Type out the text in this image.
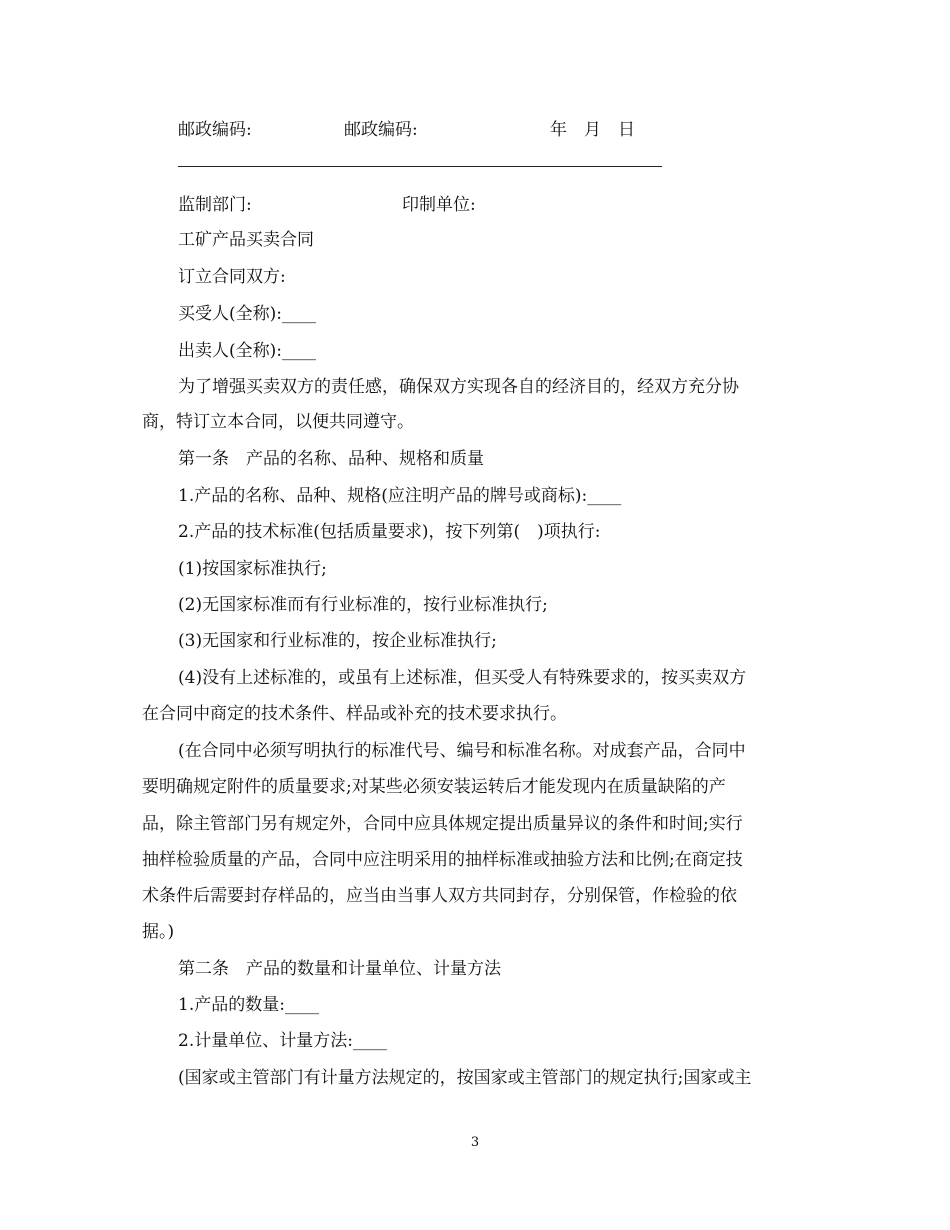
邮政编码:	邮政编码:	年　月　日
监制部门:	印制单位:
工矿产品买卖合同
订立合同双方:
买受人(全称):____
出卖人(全称):____
为了增强买卖双方的责任感，确保双方实现各自的经济目的，经双方充分协
商，特订立本合同，以便共同遵守。
第一条　产品的名称、品种、规格和质量
1.产品的名称、品种、规格(应注明产品的牌号或商标):____
2.产品的技术标准(包括质量要求)，按下列第(　)项执行:
(1)按国家标准执行;
(2)无国家标准而有行业标准的，按行业标准执行;
(3)无国家和行业标准的，按企业标准执行;
(4)没有上述标准的，或虽有上述标准，但买受人有特殊要求的，按买卖双方
在合同中商定的技术条件、样品或补充的技术要求执行。
(在合同中必须写明执行的标准代号、编号和标准名称。对成套产品，合同中
要明确规定附件的质量要求;对某些必须安装运转后才能发现内在质量缺陷的产
品，除主管部门另有规定外，合同中应具体规定提出质量异议的条件和时间;实行
抽样检验质量的产品，合同中应注明采用的抽样标准或抽验方法和比例;在商定技
术条件后需要封存样品的，应当由当事人双方共同封存，分别保管，作检验的依
据。)
第二条　产品的数量和计量单位、计量方法
1.产品的数量:____
2.计量单位、计量方法:____
(国家或主管部门有计量方法规定的，按国家或主管部门的规定执行;国家或主
3
